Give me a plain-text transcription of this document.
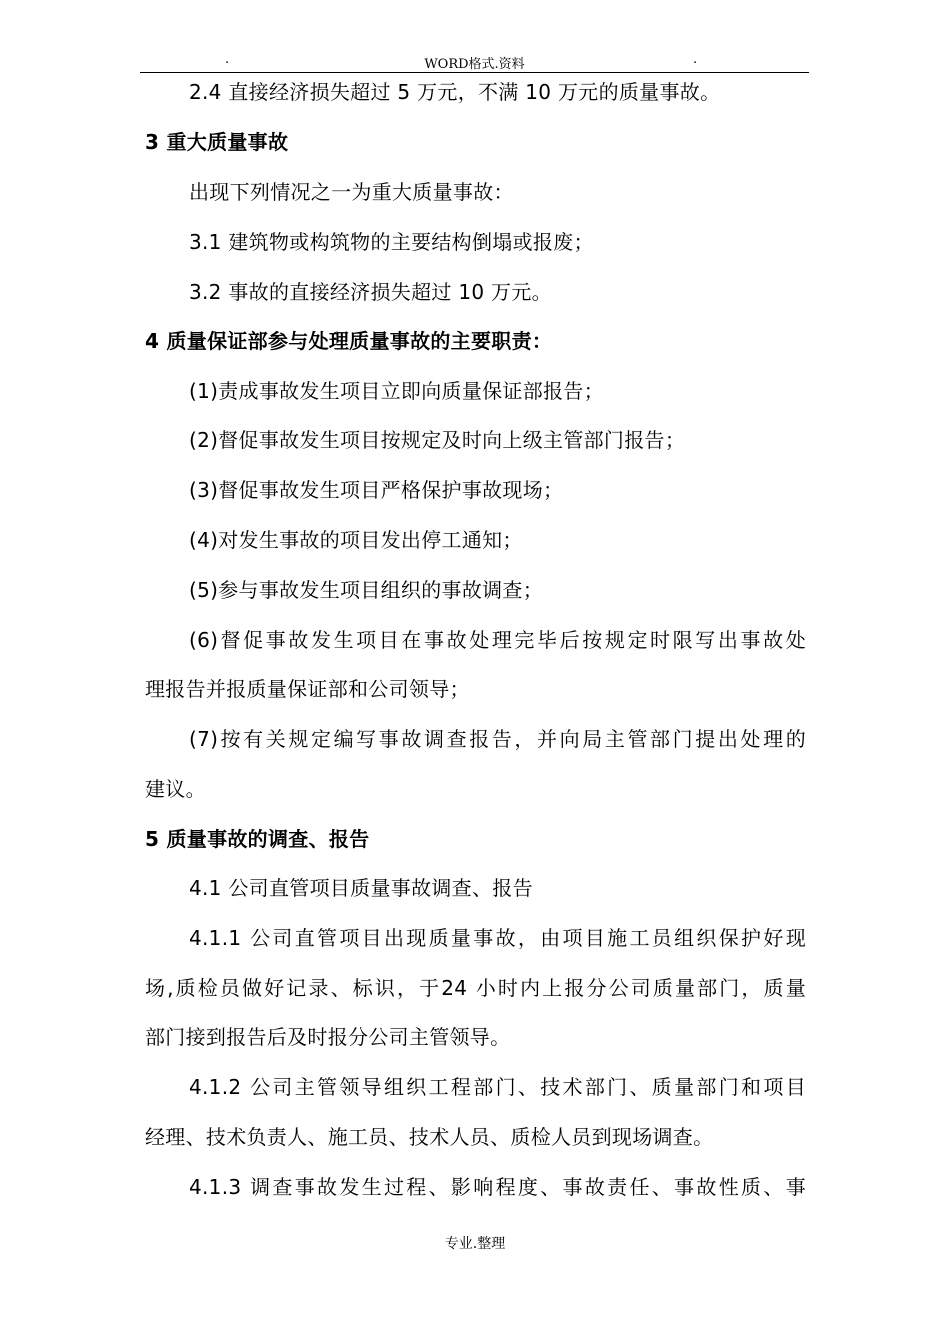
.	WORD格式.资料	.
2.4 直接经济损失超过 5 万元，不满 10 万元的质量事故。
3 重大质量事故
出现下列情况之一为重大质量事故：
3.1 建筑物或构筑物的主要结构倒塌或报废；
3.2 事故的直接经济损失超过 10 万元。
4 质量保证部参与处理质量事故的主要职责：
(1)责成事故发生项目立即向质量保证部报告；
(2)督促事故发生项目按规定及时向上级主管部门报告；
(3)督促事故发生项目严格保护事故现场；
(4)对发生事故的项目发出停工通知；
(5)参与事故发生项目组织的事故调查；
(6)督促事故发生项目在事故处理完毕后按规定时限写出事故处
理报告并报质量保证部和公司领导；
(7)按有关规定编写事故调查报告，并向局主管部门提出处理的
建议。
5 质量事故的调查、报告
4.1 公司直管项目质量事故调查、报告
4.1.1 公司直管项目出现质量事故，由项目施工员组织保护好现
场,质检员做好记录、标识，于24 小时内上报分公司质量部门，质量
部门接到报告后及时报分公司主管领导。
4.1.2 公司主管领导组织工程部门、技术部门、质量部门和项目
经理、技术负责人、施工员、技术人员、质检人员到现场调查。
4.1.3 调查事故发生过程、影响程度、事故责任、事故性质、事
专业.整理
